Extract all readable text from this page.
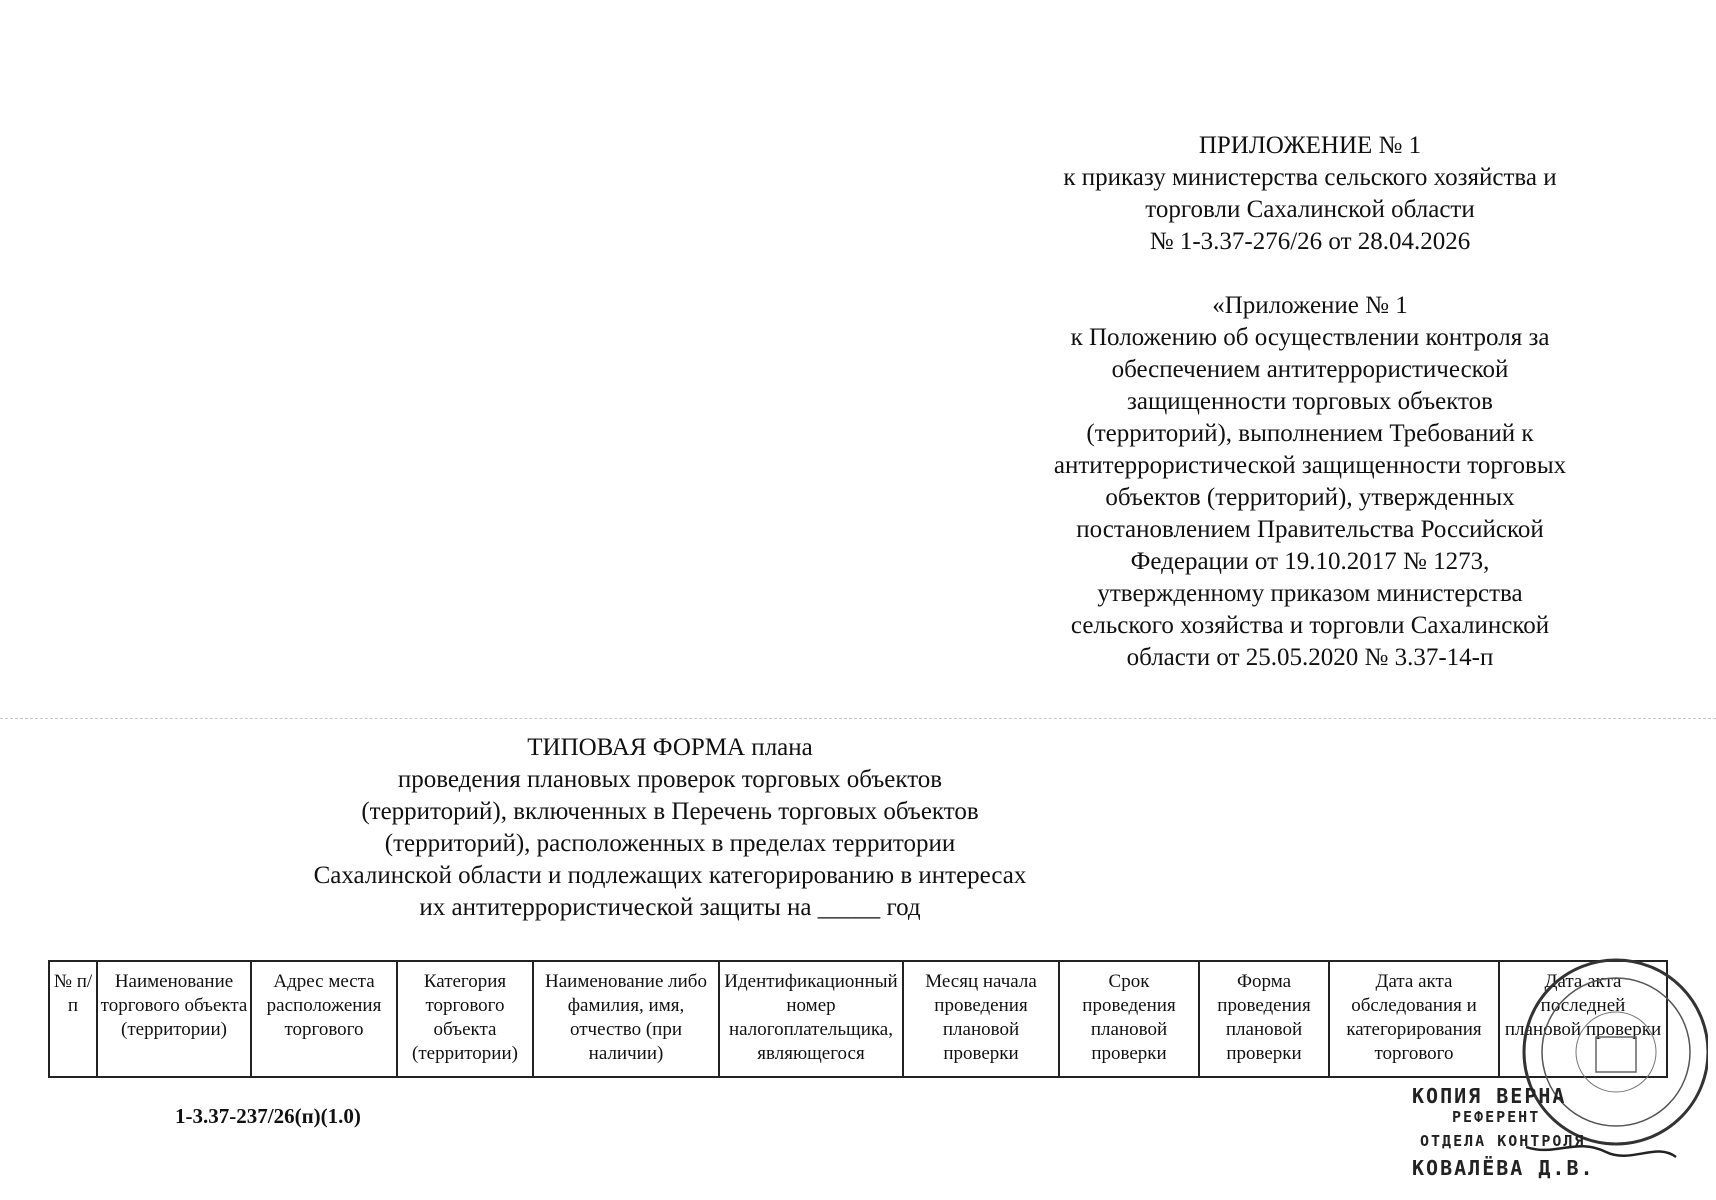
ПРИЛОЖЕНИЕ № 1
к приказу министерства сельского хозяйства и
торговли Сахалинской области
№ 1-3.37-276/26 от 28.04.2026
«Приложение № 1
к Положению об осуществлении контроля за
обеспечением антитеррористической
защищенности торговых объектов
(территорий), выполнением Требований к
антитеррористической защищенности торговых
объектов (территорий), утвержденных
постановлением Правительства Российской
Федерации от 19.10.2017 № 1273,
утвержденному приказом министерства
сельского хозяйства и торговли Сахалинской
области от 25.05.2020 № 3.37-14-п
ТИПОВАЯ ФОРМА плана
проведения плановых проверок торговых объектов
(территорий), включенных в Перечень торговых объектов
(территорий), расположенных в пределах территории
Сахалинской области и подлежащих категорированию в интересах
их антитеррористической защиты на _____ год
№ п/п	Наименование торгового объекта (территории)	Адрес места расположения торгового	Категория торгового объекта (территории)	Наименование либо фамилия, имя, отчество (при наличии)	Идентификационный номер налогоплательщика, являющегося	Месяц начала проведения плановой проверки	Срок проведения плановой проверки	Форма проведения плановой проверки	Дата акта обследования и категорирования торгового	Дата акта последней плановой проверки
1-3.37-237/26(п)(1.0)
КОПИЯ ВЕРНА
РЕФЕРЕНТ
ОТДЕЛА КОНТРОЛЯ
КОВАЛЁВА Д.В.
